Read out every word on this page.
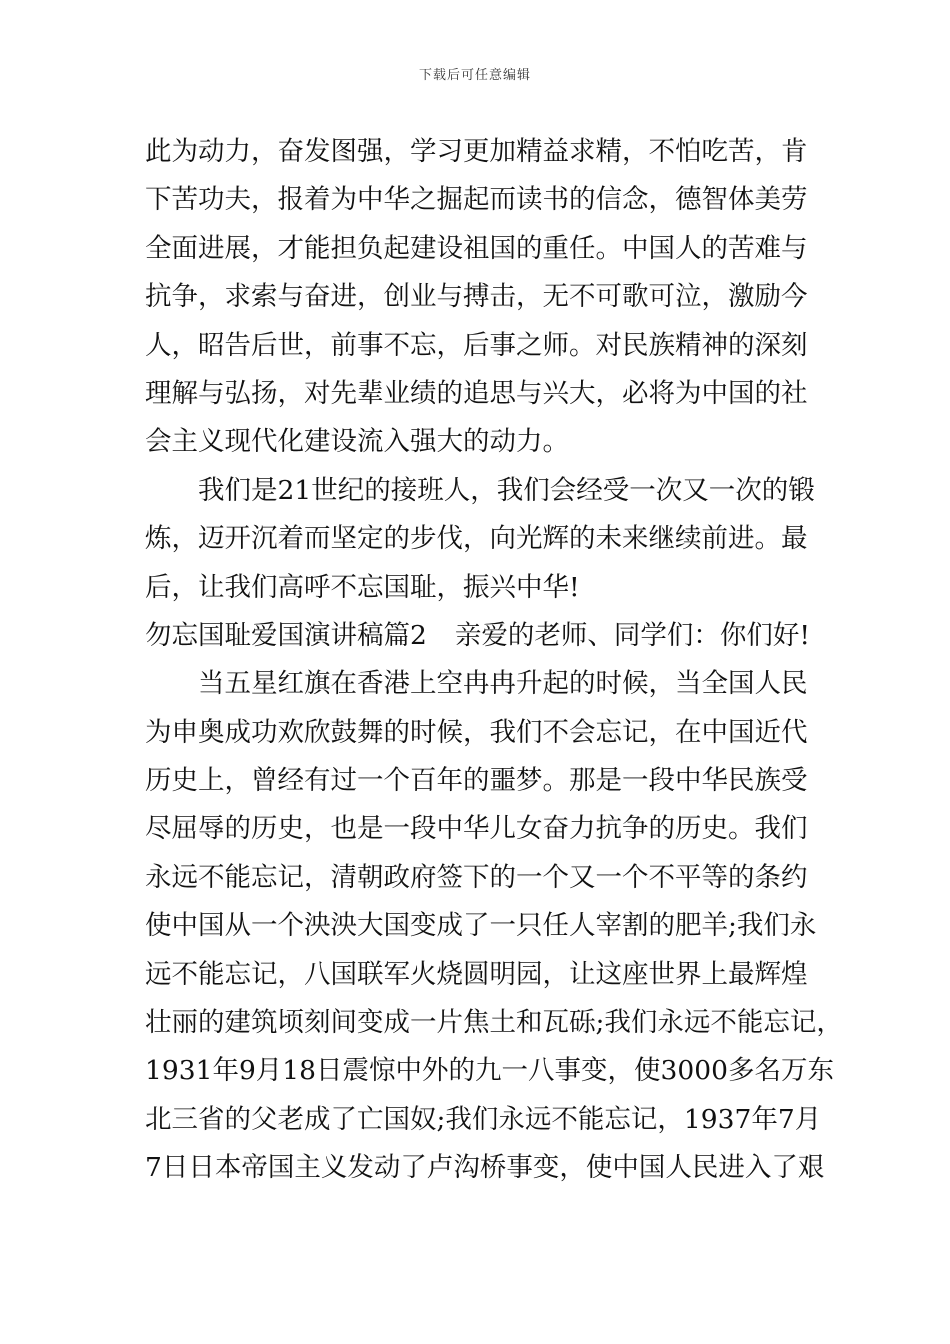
下载后可任意编辑
此为动力，奋发图强，学习更加精益求精，不怕吃苦，肯
下苦功夫，报着为中华之掘起而读书的信念，德智体美劳
全面进展，才能担负起建设祖国的重任。中国人的苦难与
抗争，求索与奋进，创业与搏击，无不可歌可泣，激励今
人，昭告后世，前事不忘，后事之师。对民族精神的深刻
理解与弘扬，对先辈业绩的追思与兴大，必将为中国的社
会主义现代化建设流入强大的动力。
我们是21世纪的接班人，我们会经受一次又一次的锻
炼，迈开沉着而坚定的步伐，向光辉的未来继续前进。最
后，让我们高呼不忘国耻，振兴中华!
勿忘国耻爱国演讲稿篇2 亲爱的老师、同学们：你们好!
当五星红旗在香港上空冉冉升起的时候，当全国人民
为申奥成功欢欣鼓舞的时候，我们不会忘记，在中国近代
历史上，曾经有过一个百年的噩梦。那是一段中华民族受
尽屈辱的历史，也是一段中华儿女奋力抗争的历史。我们
永远不能忘记，清朝政府签下的一个又一个不平等的条约
使中国从一个泱泱大国变成了一只任人宰割的肥羊;我们永
远不能忘记，八国联军火烧圆明园，让这座世界上最辉煌
壮丽的建筑顷刻间变成一片焦土和瓦砾;我们永远不能忘记，
1931年9月18日震惊中外的九一八事变，使3000多名万东
北三省的父老成了亡国奴;我们永远不能忘记，1937年7月
7日日本帝国主义发动了卢沟桥事变，使中国人民进入了艰
